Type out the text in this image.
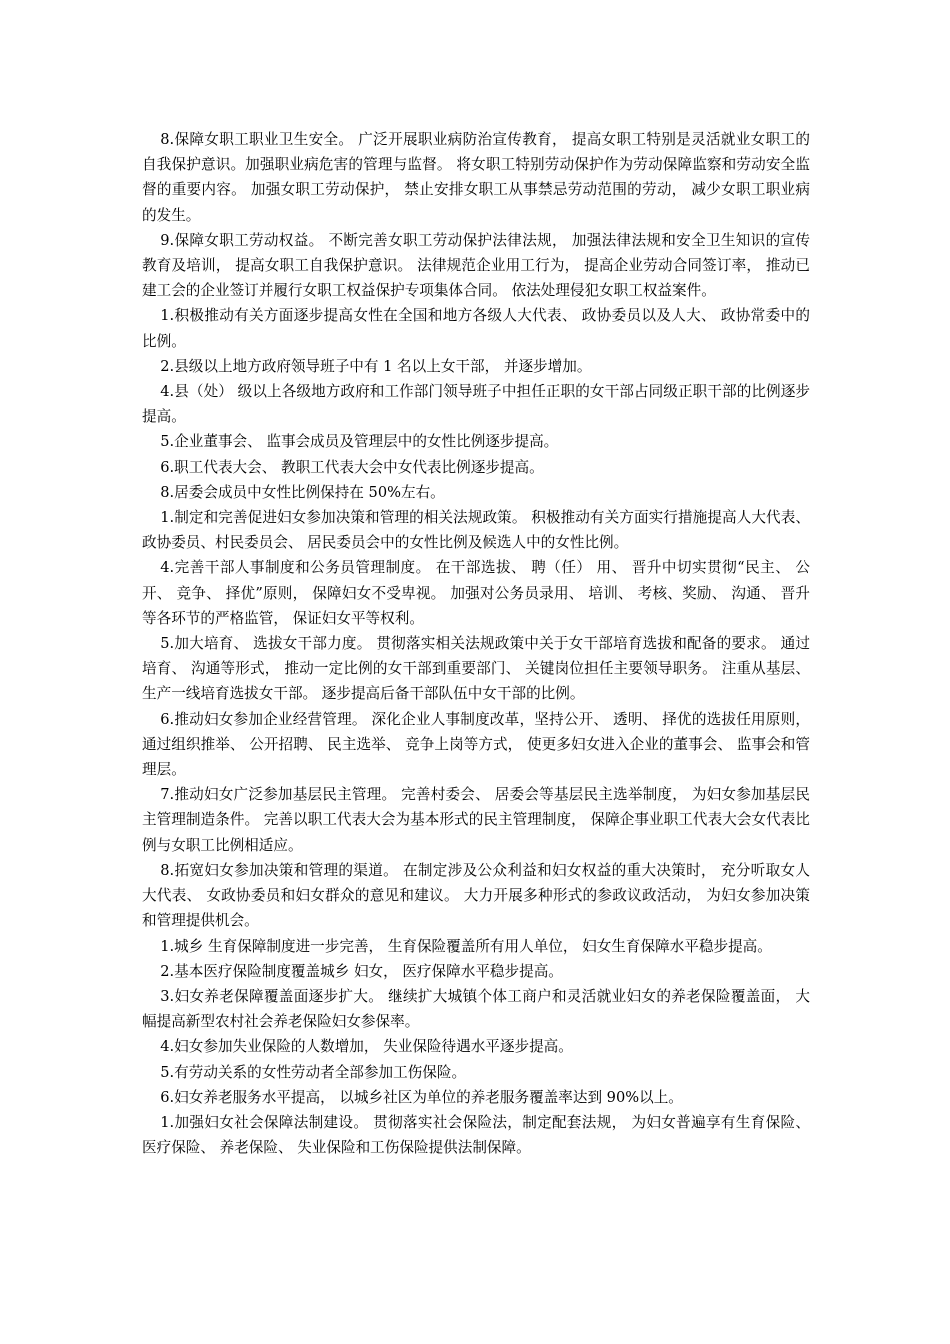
8.保障女职工职业卫生安全。 广泛开展职业病防治宣传教育， 提高女职工特别是灵活就业女职工的自我保护意识。加强职业病危害的管理与监督。 将女职工特别劳动保护作为劳动保障监察和劳动安全监督的重要内容。 加强女职工劳动保护， 禁止安排女职工从事禁忌劳动范围的劳动， 减少女职工职业病的发生。

9.保障女职工劳动权益。 不断完善女职工劳动保护法律法规， 加强法律法规和安全卫生知识的宣传教育及培训， 提高女职工自我保护意识。 法律规范企业用工行为， 提高企业劳动合同签订率， 推动已建工会的企业签订并履行女职工权益保护专项集体合同。 依法处理侵犯女职工权益案件。

1.积极推动有关方面逐步提高女性在全国和地方各级人大代表、 政协委员以及人大、 政协常委中的比例。

2.县级以上地方政府领导班子中有 1 名以上女干部， 并逐步增加。

4.县（处） 级以上各级地方政府和工作部门领导班子中担任正职的女干部占同级正职干部的比例逐步提高。

5.企业董事会、 监事会成员及管理层中的女性比例逐步提高。

6.职工代表大会、 教职工代表大会中女代表比例逐步提高。

8.居委会成员中女性比例保持在 50%左右。

1.制定和完善促进妇女参加决策和管理的相关法规政策。 积极推动有关方面实行措施提高人大代表、 政协委员、村民委员会、 居民委员会中的女性比例及候选人中的女性比例。

4.完善干部人事制度和公务员管理制度。 在干部选拔、 聘（任） 用、 晋升中切实贯彻“民主、 公开、 竞争、 择优”原则， 保障妇女不受卑视。 加强对公务员录用、 培训、 考核、奖励、 沟通、 晋升等各环节的严格监管， 保证妇女平等权利。

5.加大培育、 选拔女干部力度。 贯彻落实相关法规政策中关于女干部培育选拔和配备的要求。 通过培育、 沟通等形式， 推动一定比例的女干部到重要部门、 关键岗位担任主要领导职务。 注重从基层、 生产一线培育选拔女干部。 逐步提高后备干部队伍中女干部的比例。

6.推动妇女参加企业经营管理。 深化企业人事制度改革，坚持公开、 透明、 择优的选拔任用原则， 通过组织推举、 公开招聘、 民主选举、 竞争上岗等方式， 使更多妇女进入企业的董事会、 监事会和管理层。

7.推动妇女广泛参加基层民主管理。 完善村委会、 居委会等基层民主选举制度， 为妇女参加基层民主管理制造条件。 完善以职工代表大会为基本形式的民主管理制度， 保障企事业职工代表大会女代表比例与女职工比例相适应。

8.拓宽妇女参加决策和管理的渠道。 在制定涉及公众利益和妇女权益的重大决策时， 充分听取女人大代表、 女政协委员和妇女群众的意见和建议。 大力开展多种形式的参政议政活动， 为妇女参加决策和管理提供机会。

1.城乡 生育保障制度进一步完善， 生育保险覆盖所有用人单位， 妇女生育保障水平稳步提高。

2.基本医疗保险制度覆盖城乡 妇女， 医疗保障水平稳步提高。

3.妇女养老保障覆盖面逐步扩大。 继续扩大城镇个体工商户和灵活就业妇女的养老保险覆盖面， 大幅提高新型农村社会养老保险妇女参保率。

4.妇女参加失业保险的人数增加， 失业保险待遇水平逐步提高。

5.有劳动关系的女性劳动者全部参加工伤保险。

6.妇女养老服务水平提高， 以城乡社区为单位的养老服务覆盖率达到 90%以上。

1.加强妇女社会保障法制建设。 贯彻落实社会保险法，制定配套法规， 为妇女普遍享有生育保险、 医疗保险、 养老保险、 失业保险和工伤保险提供法制保障。
